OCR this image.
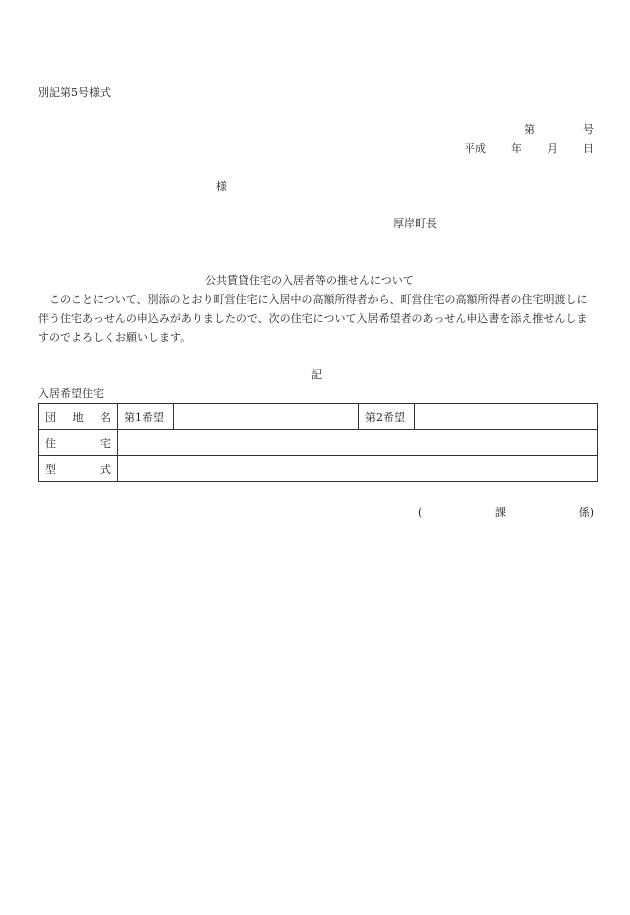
別記第5号様式
第	号
平成 年 月 日
様
厚岸町長
公共賃貸住宅の入居者等の推せんについて
このことについて、別添のとおり町営住宅に入居中の高額所得者から、町営住宅の高額所得者の住宅明渡しに伴う住宅あっせんの申込みがありましたので、次の住宅について入居希望者のあっせん申込書を添え推せんしますのでよろしくお願いします。
記
入居希望住宅
団 地 名	第1希望		第2希望	

住 宅				

型 式				

(	課	係)
